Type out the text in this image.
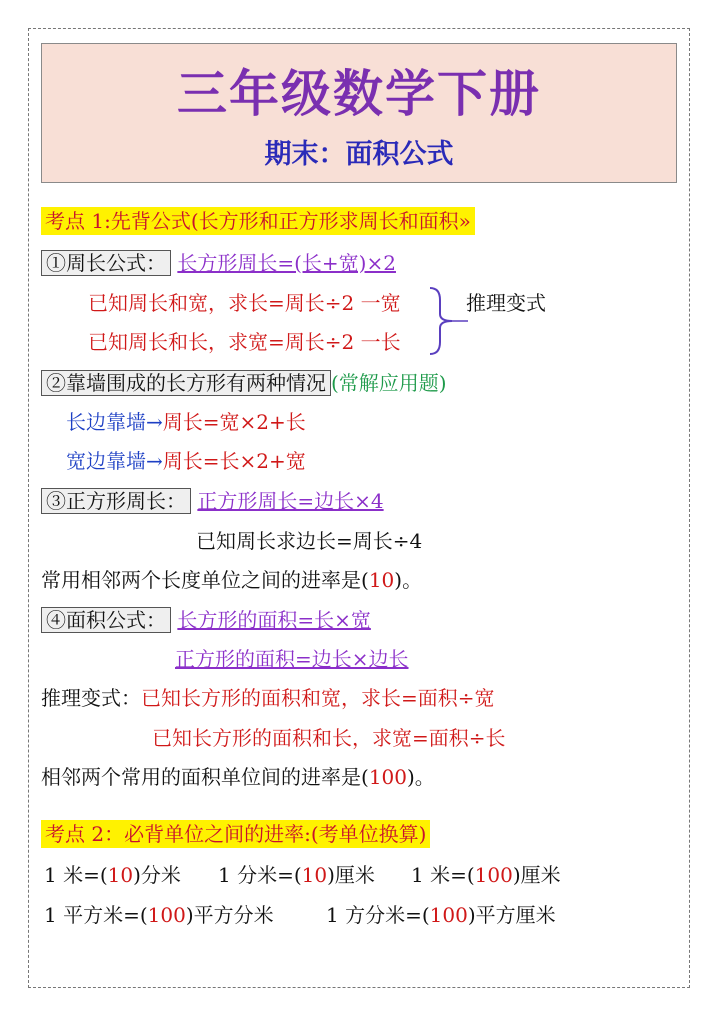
三年级数学下册
期末：面积公式
考点 1:先背公式(长方形和正方形求周长和面积»
①周长公式： 长方形周长=(长+宽)×2
已知周长和宽，求长=周长÷2 一宽
已知周长和长，求宽=周长÷2 一长
推理变式
②靠墙围成的长方形有两种情况 (常解应用题)
长边靠墙→周长=宽×2+长
宽边靠墙→周长=长×2+宽
③正方形周长： 正方形周长=边长×4
已知周长求边长=周长÷4
常用相邻两个长度单位之间的进率是(10)。
④面积公式： 长方形的面积=长×宽
正方形的面积=边长×边长
推理变式：已知长方形的面积和宽，求长=面积÷宽
已知长方形的面积和长，求宽=面积÷长
相邻两个常用的面积单位间的进率是(100)。
考点 2：必背单位之间的进率:(考单位换算)
1 米=(10)分米 1 分米=(10)厘米 1 米=(100)厘米
1 平方米=(100)平方分米	1 方分米=(100)平方厘米
